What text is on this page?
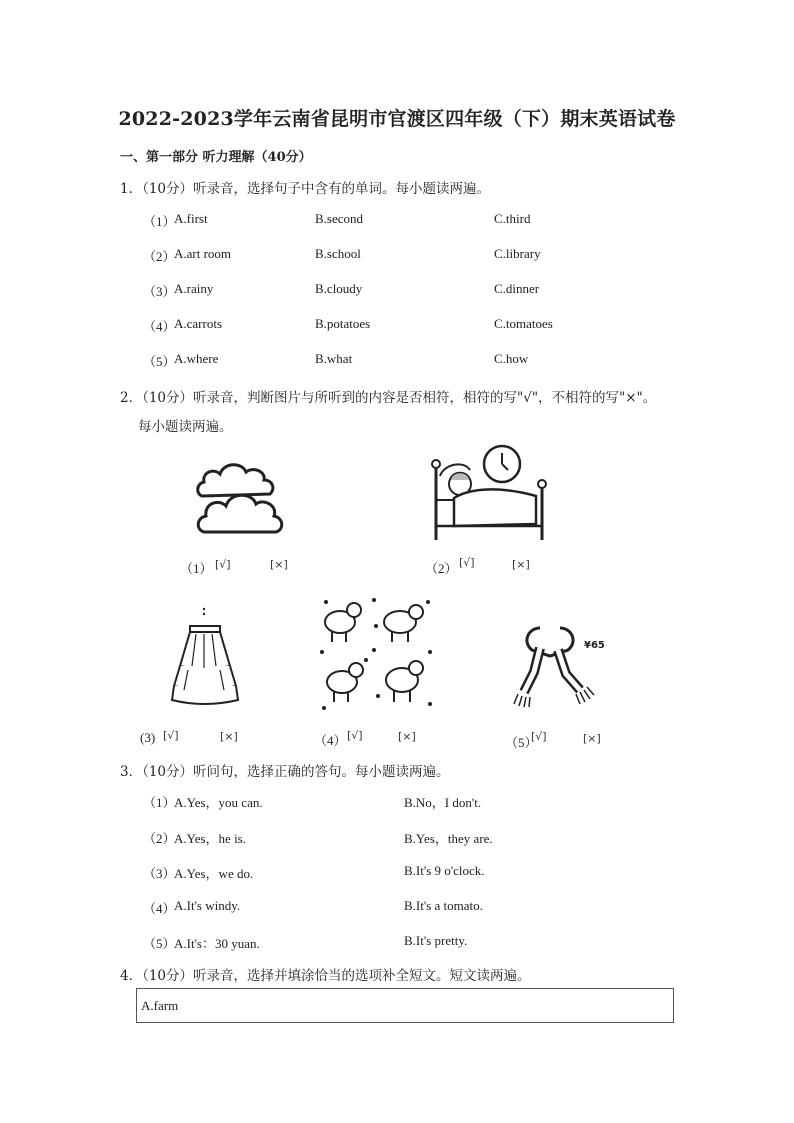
2022-2023学年云南省昆明市官渡区四年级（下）期末英语试卷
一、第一部分 听力理解（40分）
1．（10分）听录音，选择句子中含有的单词。每小题读两遍。
（1）
A.first	B.second	C.third
（2）
A.art room	B.school	C.library
（3）
A.rainy	B.cloudy	C.dinner
（4）
A.carrots	B.potatoes	C.tomatoes
（5）
A.where	B.what	C.how
2．（10分）听录音，判断图片与所听到的内容是否相符，相符的写"√"，不相符的写"×"。
每小题读两遍。
（1） [√]	[×]	（2） [√]	[×]
(3) [√]	[×]	（4） [√]	[×]
¥65
（5）
[√]	[×]
3．（10分）听问句，选择正确的答句。每小题读两遍。
（1）
A.Yes，you can.	B.No，I don't.
（2）
A.Yes，he is.	B.Yes，they are.
（3）
A.Yes，we do.	B.It's 9 o'clock.
（4）
A.It's windy.	B.It's a tomato.
（5）
A.It's：30 yuan.	B.It's pretty.
4．（10分）听录音，选择并填涂恰当的选项补全短文。短文读两遍。
A.farm
